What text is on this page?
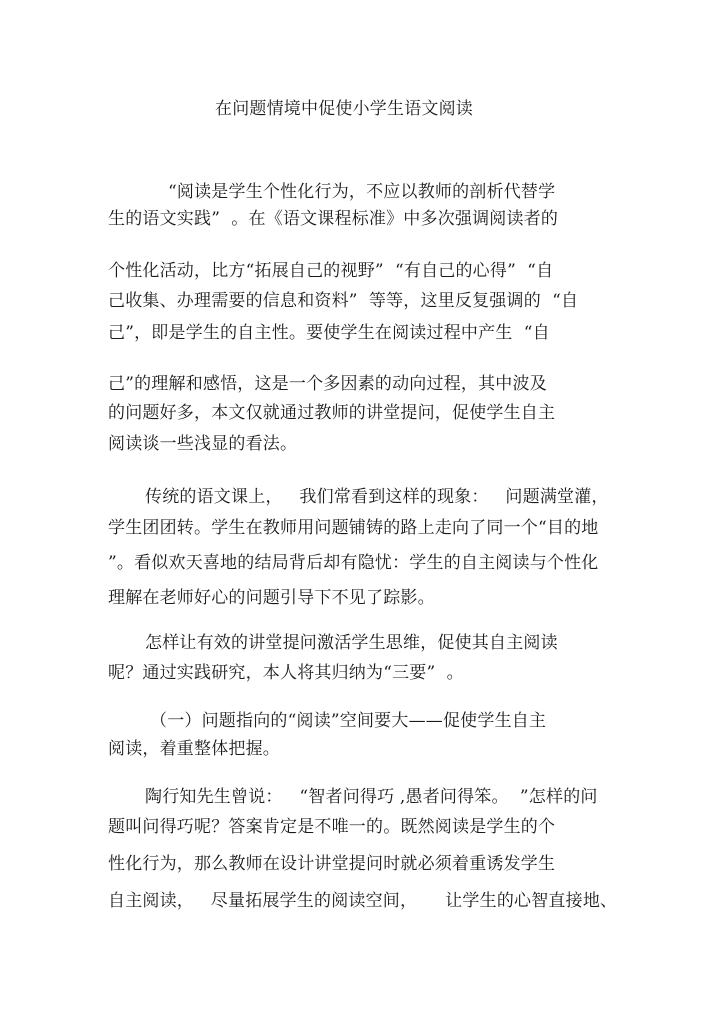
在问题情境中促使小学生语文阅读
“阅读是学生个性化行为，不应以教师的剖析代替学
生的语文实践”  。在《语文课程标准》中多次强调阅读者的
个性化活动，比方“拓展自己的视野”  “有自己的心得”  “自
己收集、办理需要的信息和资料”  等等，这里反复强调的  “自
己”，即是学生的自主性。要使学生在阅读过程中产生  “自
己”的理解和感悟，这是一个多因素的动向过程，其中波及
的问题好多，本文仅就通过教师的讲堂提问，促使学生自主
阅读谈一些浅显的看法。
传统的语文课上，   我们常看到这样的现象：   问题满堂灌，
学生团团转。学生在教师用问题铺铸的路上走向了同一个“目的地
”。看似欢天喜地的结局背后却有隐忧：学生的自主阅读与个性化
理解在老师好心的问题引导下不见了踪影。
怎样让有效的讲堂提问激活学生思维，促使其自主阅读
呢？通过实践研究，本人将其归纳为“三要”  。
（一）问题指向的“阅读”空间要大——促使学生自主
阅读，着重整体把握。
陶行知先生曾说：   “智者问得巧 ,愚者问得笨。  ”怎样的问
题叫问得巧呢？答案肯定是不唯一的。既然阅读是学生的个
性化行为，那么教师在设计讲堂提问时就必须着重诱发学生
自主阅读，   尽量拓展学生的阅读空间，     让学生的心智直接地、
